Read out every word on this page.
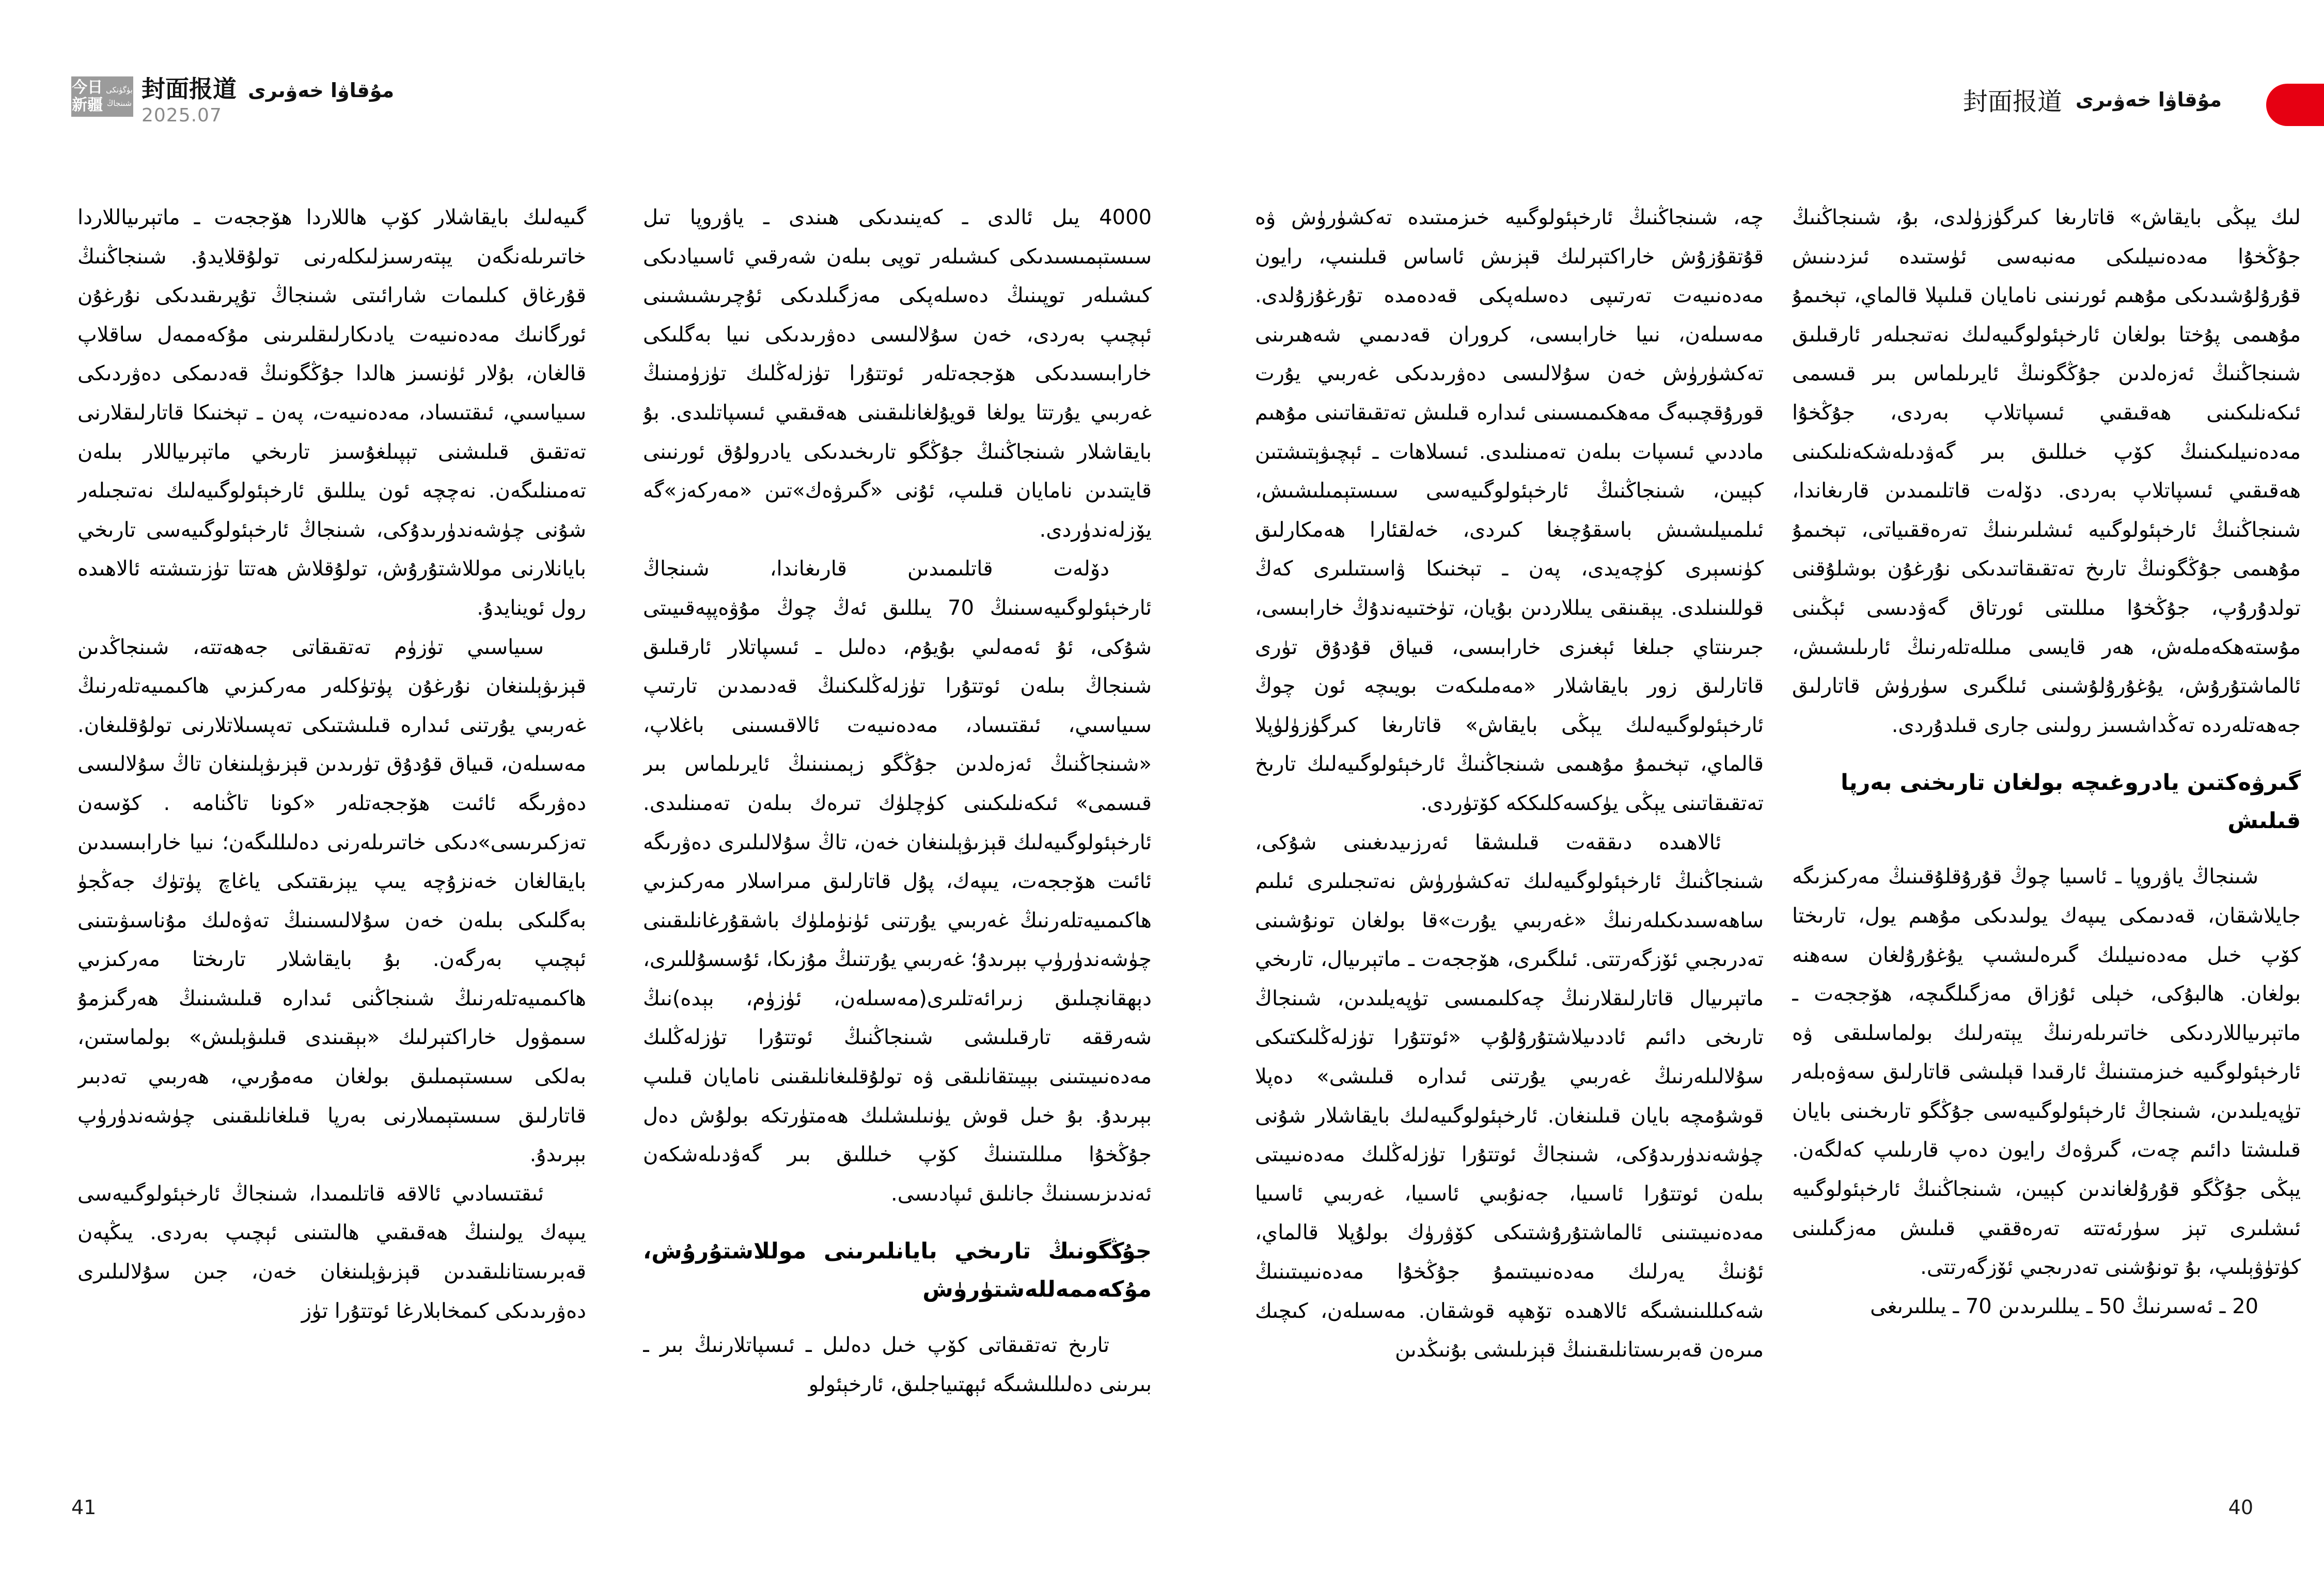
今日
新疆
بۈگۈنكى
شىنجاڭ
封面报道 مۇقاۋا خەۋىرى
2025.07	封面报道 مۇقاۋا خەۋىرى

لىك يېڭى بايقاش» قاتارىغا كىرگۈزۈلدى، بۇ، شىنجاڭنىڭ جۇڭخۇا مەدەنىيلىكى مەنبەسى ئۈستىدە ئىزدىنىش قۇرۇلۇشىدىكى مۇھىم ئورنىنى نامايان قىلىپلا قالماي، تېخىمۇ مۇھىمى پۇختا بولغان ئارخېئولوگىيەلىك نەتىجىلەر ئارقىلىق شىنجاڭنىڭ ئەزەلدىن جۇڭگونىڭ ئايرىلماس بىر قىسمى ئىكەنلىكىنى ھەقىقىي ئىسپاتلاپ بەردى، جۇڭخۇا مەدەنىيلىكىنىڭ كۆپ خىللىق بىر گەۋدىلەشكەنلىكىنى ھەقىقىي ئىسپاتلاپ بەردى. دۆلەت قاتلىمىدىن قارىغاندا، شىنجاڭنىڭ ئارخېئولوگىيە ئىشلىرىنىڭ تەرەققىياتى، تېخىمۇ مۇھىمى جۇڭگونىڭ تارىخ تەتقىقاتىدىكى نۇرغۇن بوشلۇقنى تولدۇرۇپ، جۇڭخۇا مىللىتى ئورتاق گەۋدىسى ئېڭىنى مۇستەھكەملەش، ھەر قايسى مىللەتلەرنىڭ ئارىلىشىش، ئالماشتۇرۇش، يۇغۇرۇلۇشىنى ئىلگىرى سۈرۈش قاتارلىق جەھەتلەردە تەڭداشسىز رولىنى جارى قىلدۇردى.

گىرۋەكتىن يادروغىچە بولغان تارىخنى بەرپا قىلىش

شىنجاڭ ياۋروپا ـ ئاسىيا چوڭ قۇرۇقلۇقىنىڭ مەركىزىگە جايلاشقان، قەدىمكى يىپەك يولىدىكى مۇھىم يول، تارىختا كۆپ خىل مەدەنىيلىك گىرەلىشىپ يۇغۇرۇلغان سەھنە بولغان. ھالبۇكى، خېلى ئۇزاق مەزگىلگىچە، ھۆججەت ـ ماتېرىياللاردىكى خاتىرىلەرنىڭ يېتەرلىك بولماسلىقى ۋە ئارخېئولوگىيە خىزمىتىنىڭ ئارقىدا قېلىشى قاتارلىق سەۋەبلەر تۈپەيلىدىن، شىنجاڭ ئارخېئولوگىيەسى جۇڭگو تارىخىنى بايان قىلىشتا دائىم چەت، گىرۋەك رايون دەپ قارىلىپ كەلگەن. يېڭى جۇڭگو قۇرۇلغاندىن كېيىن، شىنجاڭنىڭ ئارخېئولوگىيە ئىشلىرى تېز سۈرئەتتە تەرەققىي قىلىش مەزگىلىنى كۈتۈۋېلىپ، بۇ تونۇشنى تەدرىجىي ئۆزگەرتتى.

20 ـ ئەسىرنىڭ 50 ـ يىللىرىدىن 70 ـ يىللىرىغى

چە، شىنجاڭنىڭ ئارخېئولوگىيە خىزمىتىدە تەكشۈرۈش ۋە قۇتقۇزۇش خاراكتېرلىك قېزىش ئاساس قىلىنىپ، رايون مەدەنىيەت تەرتىپى دەسلەپكى قەدەمدە تۇرغۇزۇلدى. مەسىلەن، نىيا خارابىسى، كروران قەدىمىي شەھىرىنى تەكشۈرۈش خەن سۇلالىسى دەۋرىدىكى غەربىي يۇرت قورۇقچىبەگ مەھكىمىسىنى ئىدارە قىلىش تەتقىقاتىنى مۇھىم ماددىي ئىسپات بىلەن تەمىنلىدى. ئىسلاھات ـ ئېچىۋېتىشتىن كېيىن، شىنجاڭنىڭ ئارخېئولوگىيەسى سىستېمىلىشىش، ئىلمىيلىشىش باسقۇچىغا كىردى، خەلقئارا ھەمكارلىق كۈنسېرى كۈچەيدى، پەن ـ تېخنىكا ۋاسىتىلىرى كەڭ قوللىنىلدى. يېقىنقى يىللاردىن بۇيان، تۈختىيەندۇڭ خارابىسى، جىرىنتاي جىلغا ئېغىزى خارابىسى، قىياق قۇدۇق تۈرى قاتارلىق زور بايقاشلار «مەملىكەت بويىچە ئون چوڭ ئارخېئولوگىيەلىك يېڭى بايقاش» قاتارىغا كىرگۈزۈلۈپلا قالماي، تېخىمۇ مۇھىمى شىنجاڭنىڭ ئارخېئولوگىيەلىك تارىخ تەتقىقاتىنى يېڭى يۈكسەكلىككە كۆتۈردى.

ئالاھىدە دىققەت قىلىشقا ئەرزىيدىغىنى شۇكى، شىنجاڭنىڭ ئارخېئولوگىيەلىك تەكشۈرۈش نەتىجىلىرى ئىلىم ساھەسىدىكىلەرنىڭ «غەربىي يۇرت»قا بولغان تونۇشىنى تەدرىجىي ئۆزگەرتتى. ئىلگىرى، ھۆججەت ـ ماتېرىيال، تارىخي ماتېرىيال قاتارلىقلارنىڭ چەكلىمىسى تۈپەيلىدىن، شىنجاڭ تارىخى دائىم ئاددىيلاشتۇرۇلۇپ «ئوتتۇرا تۈزلەڭلىكتىكى سۇلالىلەرنىڭ غەربىي يۇرتنى ئىدارە قىلىشى» دەپلا قوشۇمچە بايان قىلىنغان. ئارخېئولوگىيەلىك بايقاشلار شۇنى چۈشەندۈرىدۇكى، شىنجاڭ ئوتتۇرا تۈزلەڭلىك مەدەنىيىتى بىلەن ئوتتۇرا ئاسىيا، جەنۇبىي ئاسىيا، غەربىي ئاسىيا مەدەنىيىتىنى ئالماشتۇرۇشتىكى كۆۋرۈك بولۇپلا قالماي، ئۇنىڭ يەرلىك مەدەنىيىتىمۇ جۇڭخۇا مەدەنىيىتىنىڭ شەكىللىنىشىگە ئالاھىدە تۆھپە قوشقان. مەسىلەن، كىچىك مىرەن قەبرىستانلىقىنىڭ قېزىلىشى بۇنىڭدىن

4000 يىل ئالدى ـ كەينىدىكى ھىندى ـ ياۋروپا تىل سىستېمىسىدىكى كىشىلەر توپى بىلەن شەرقىي ئاسىيادىكى كىشىلەر توپىنىڭ دەسلەپكى مەزگىلدىكى ئۇچرىشىشىنى ئېچىپ بەردى، خەن سۇلالىسى دەۋرىدىكى نىيا بەگلىكى خارابىسىدىكى ھۆججەتلەر ئوتتۇرا تۈزلەڭلىك تۈزۈمىنىڭ غەربىي يۇرتتا يولغا قويۇلغانلىقىنى ھەقىقىي ئىسپاتلىدى. بۇ بايقاشلار شىنجاڭنىڭ جۇڭگو تارىخىدىكى يادرولۇق ئورنىنى قايتىدىن نامايان قىلىپ، ئۇنى «گىرۋەك»تىن «مەركەز»گە يۆزلەندۈردى.

دۆلەت قاتلىمىدىن قارىغاندا، شىنجاڭ ئارخېئولوگىيەسىنىڭ 70 يىللىق ئەڭ چوڭ مۇۋەپپەقىيىتى شۇكى، ئۇ ئەمەلىي بۇيۇم، دەلىل ـ ئىسپاتلار ئارقىلىق شىنجاڭ بىلەن ئوتتۇرا تۈزلەڭلىكنىڭ قەدىمدىن تارتىپ سىياسىي، ئىقتىساد، مەدەنىيەت ئالاقىسىنى باغلاپ، «شىنجاڭنىڭ ئەزەلدىن جۇڭگو زېمىنىنىڭ ئايرىلماس بىر قىسمى» ئىكەنلىكىنى كۈچلۈك تىرەك بىلەن تەمىنلىدى. ئارخېئولوگىيەلىك قېزىۋېلىنغان خەن، تاڭ سۇلالىلىرى دەۋرىگە ئائىت ھۆججەت، يىپەك، پۇل قاتارلىق مىراسلار مەركىزىي ھاكىمىيەتلەرنىڭ غەربىي يۇرتنى ئۈنۈملۈك باشقۇرغانلىقىنى چۈشەندۈرۈپ بېرىدۇ؛ غەربىي يۇرتنىڭ مۇزىكا، ئۇسسۇللىرى، دېھقانچىلىق زىرائەتلىرى(مەسىلەن، ئۈزۈم، بېدە)نىڭ شەرققە تارقىلىشى شىنجاڭنىڭ ئوتتۇرا تۈزلەڭلىك مەدەنىيىتىنى بېيىتقانلىقى ۋە تولۇقلىغانلىقىنى نامايان قىلىپ بېرىدۇ. بۇ خىل قوش يۈنىلىشلىك ھەمتۈرتكە بولۇش دەل جۇڭخۇا مىللىتىنىڭ كۆپ خىللىق بىر گەۋدىلەشكەن ئەندىزىسىنىڭ جانلىق ئىپادىسى.

جۇڭگونىڭ تارىخي بايانلىرىنى موللاشتۇرۇش، مۇكەممەللەشتۈرۈش

تارىخ تەتقىقاتى كۆپ خىل دەلىل ـ ئىسپاتلارنىڭ بىر ـ بىرىنى دەلىللىشىگە ئېھتىياجلىق، ئارخېئولو

گىيەلىك بايقاشلار كۆپ ھاللاردا ھۆججەت ـ ماتېرىياللاردا خاتىرىلەنگەن يېتەرسىزلىكلەرنى تولۇقلايدۇ. شىنجاڭنىڭ قۇرغاق كىلىمات شارائىتى شىنجاڭ تۇپرىقىدىكى نۇرغۇن ئورگانىك مەدەنىيەت يادىكارلىقلىرىنى مۇكەممەل ساقلاپ قالغان، بۇلار ئۈنسىز ھالدا جۇڭگونىڭ قەدىمكى دەۋردىكى سىياسىي، ئىقتىساد، مەدەنىيەت، پەن ـ تېخنىكا قاتارلىقلارنى تەتقىق قىلىشنى تېپىلغۇسىز تارىخي ماتېرىياللار بىلەن تەمىنلىگەن. نەچچە ئون يىللىق ئارخېئولوگىيەلىك نەتىجىلەر شۇنى چۈشەندۈرىدۇكى، شىنجاڭ ئارخېئولوگىيەسى تارىخي بايانلارنى موللاشتۇرۇش، تولۇقلاش ھەتتا تۈزىتىشتە ئالاھىدە رول ئوينايدۇ.

سىياسىي تۈزۈم تەتقىقاتى جەھەتتە، شىنجاڭدىن قېزىۋېلىنغان نۇرغۇن پۈتۈكلەر مەركىزىي ھاكىمىيەتلەرنىڭ غەربىي يۇرتنى ئىدارە قىلىشتىكى تەپسىلاتلارنى تولۇقلىغان. مەسىلەن، قىياق قۇدۇق تۈرىدىن قېزىۋېلىنغان تاڭ سۇلالىسى دەۋرىگە ئائىت ھۆججەتلەر «كونا تاڭنامە . كۆسەن تەزكىرىسى»دىكى خاتىرىلەرنى دەلىللىگەن؛ نىيا خارابىسىدىن بايقالغان خەنزۇچە يىپ يېزىقتىكى ياغاچ پۈتۈك جەڭجۈ بەگلىكى بىلەن خەن سۇلالىسىنىڭ تەۋەلىك مۇناسىۋىتىنى ئېچىپ بەرگەن. بۇ بايقاشلار تارىختا مەركىزىي ھاكىمىيەتلەرنىڭ شىنجاڭنى ئىدارە قىلىشىنىڭ ھەرگىزمۇ سىمۋول خاراكتېرلىك «بېقىندى قىلىۋېلىش» بولماستىن، بەلكى سىستېمىلىق بولغان مەمۇرىي، ھەربىي تەدبىر قاتارلىق سىستېمىلارنى بەرپا قىلغانلىقىنى چۈشەندۈرۈپ بېرىدۇ.

ئىقتىسادىي ئالاقە قاتلىمىدا، شىنجاڭ ئارخېئولوگىيەسى يىپەك يولىنىڭ ھەقىقىي ھالىتىنى ئېچىپ بەردى. يىڭپەن قەبرىستانلىقىدىن قېزىۋېلىنغان خەن، جىن سۇلالىلىرى دەۋرىدىكى كىمخابلارغا ئوتتۇرا تۈز

41	40
